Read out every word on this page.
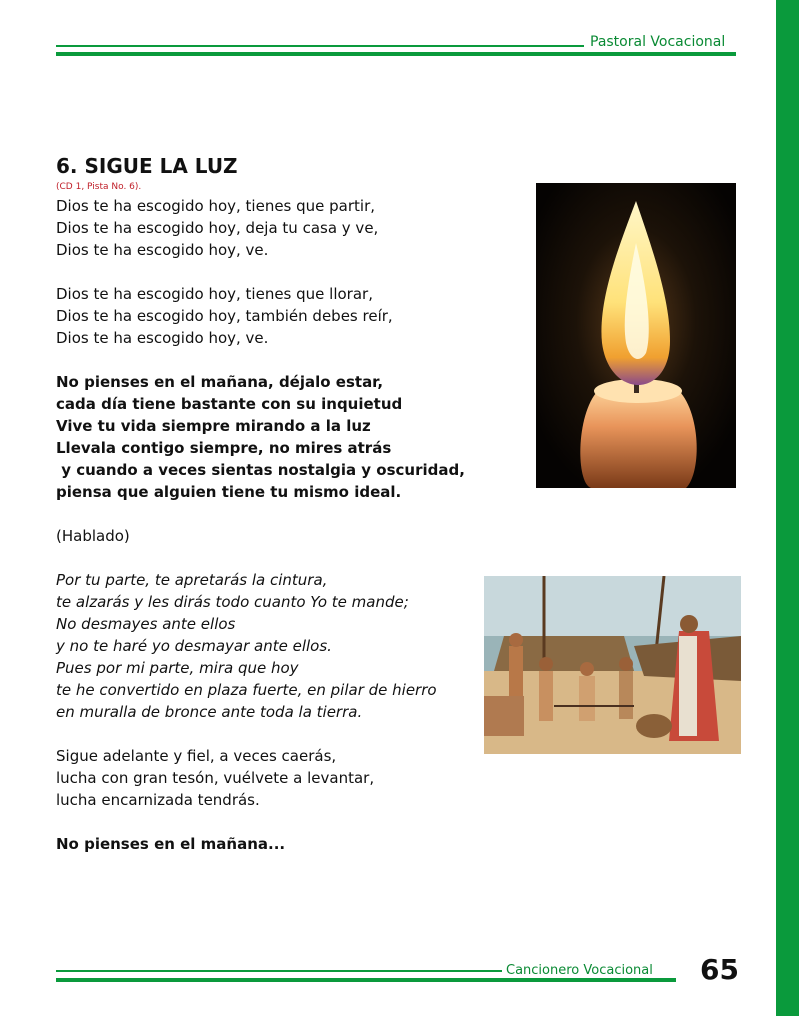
Pastoral Vocacional
6. SIGUE LA LUZ
(CD 1, Pista No. 6).
Dios te ha escogido hoy, tienes que partir,
Dios te ha escogido hoy, deja tu casa y ve,
Dios te ha escogido hoy, ve.
Dios te ha escogido hoy, tienes que llorar,
Dios te ha escogido hoy, también debes reír,
Dios te ha escogido hoy, ve.
No pienses en el mañana, déjalo estar,
cada día tiene bastante con su inquietud
Vive tu vida siempre mirando a la luz
Llevala contigo siempre, no mires atrás
y cuando a veces sientas nostalgia y oscuridad,
piensa que alguien tiene tu mismo ideal.
(Hablado)
Por tu parte, te apretarás la cintura,
te alzarás y les dirás todo cuanto Yo te mande;
No desmayes ante ellos
y no te haré yo desmayar ante ellos.
Pues por mi parte, mira que hoy
te he convertido en plaza fuerte, en pilar de hierro
en muralla de bronce ante toda la tierra.
Sigue adelante y fiel, a veces caerás,
lucha con gran tesón, vuélvete a levantar,
lucha encarnizada tendrás.
No pienses en el mañana...
Cancionero Vocacional 65
